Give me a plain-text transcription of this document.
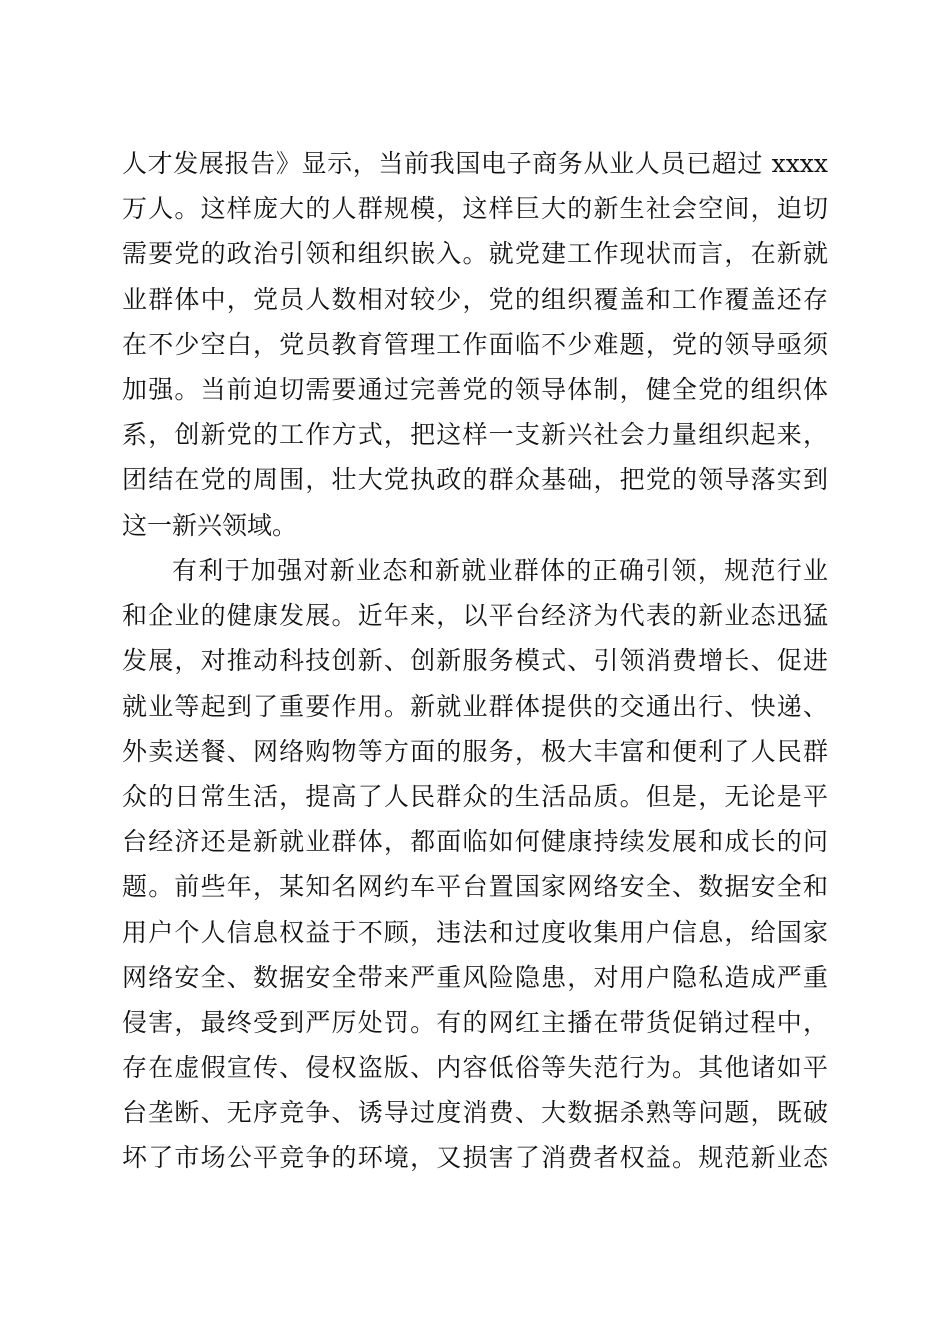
人才发展报告》显示，当前我国电子商务从业人员已超过 xxxx
万人。这样庞大的人群规模，这样巨大的新生社会空间，迫切
需要党的政治引领和组织嵌入。就党建工作现状而言，在新就
业群体中，党员人数相对较少，党的组织覆盖和工作覆盖还存
在不少空白，党员教育管理工作面临不少难题，党的领导亟须
加强。当前迫切需要通过完善党的领导体制，健全党的组织体
系，创新党的工作方式，把这样一支新兴社会力量组织起来，
团结在党的周围，壮大党执政的群众基础，把党的领导落实到
这一新兴领域。
有利于加强对新业态和新就业群体的正确引领，规范行业
和企业的健康发展。近年来，以平台经济为代表的新业态迅猛
发展，对推动科技创新、创新服务模式、引领消费增长、促进
就业等起到了重要作用。新就业群体提供的交通出行、快递、
外卖送餐、网络购物等方面的服务，极大丰富和便利了人民群
众的日常生活，提高了人民群众的生活品质。但是，无论是平
台经济还是新就业群体，都面临如何健康持续发展和成长的问
题。前些年，某知名网约车平台置国家网络安全、数据安全和
用户个人信息权益于不顾，违法和过度收集用户信息，给国家
网络安全、数据安全带来严重风险隐患，对用户隐私造成严重
侵害，最终受到严厉处罚。有的网红主播在带货促销过程中，
存在虚假宣传、侵权盗版、内容低俗等失范行为。其他诸如平
台垄断、无序竞争、诱导过度消费、大数据杀熟等问题，既破
坏了市场公平竞争的环境，又损害了消费者权益。规范新业态
